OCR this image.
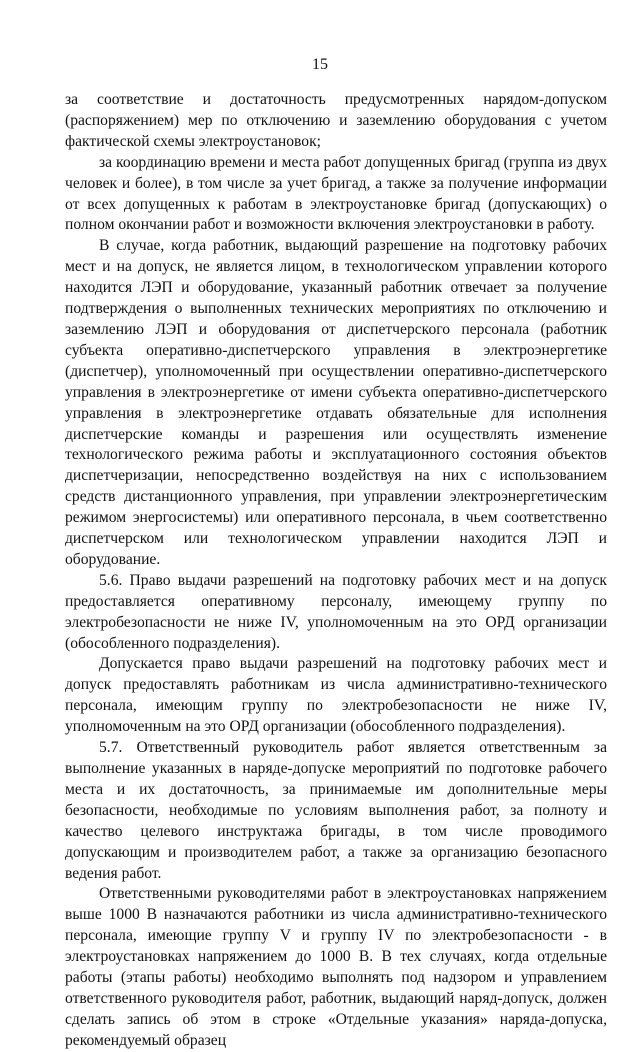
15

за соответствие и достаточность предусмотренных нарядом-допуском (распоряжением) мер по отключению и заземлению оборудования с учетом фактической схемы электроустановок;

за координацию времени и места работ допущенных бригад (группа из двух человек и более), в том числе за учет бригад, а также за получение информации от всех допущенных к работам в электроустановке бригад (допускающих) о полном окончании работ и возможности включения электроустановки в работу.

В случае, когда работник, выдающий разрешение на подготовку рабочих мест и на допуск, не является лицом, в технологическом управлении которого находится ЛЭП и оборудование, указанный работник отвечает за получение подтверждения о выполненных технических мероприятиях по отключению и заземлению ЛЭП и оборудования от диспетчерского персонала (работник субъекта оперативно-диспетчерского управления в электроэнергетике (диспетчер), уполномоченный при осуществлении оперативно-диспетчерского управления в электроэнергетике от имени субъекта оперативно-диспетчерского управления в электроэнергетике отдавать обязательные для исполнения диспетчерские команды и разрешения или осуществлять изменение технологического режима работы и эксплуатационного состояния объектов диспетчеризации, непосредственно воздействуя на них с использованием средств дистанционного управления, при управлении электроэнергетическим режимом энергосистемы) или оперативного персонала, в чьем соответственно диспетчерском или технологическом управлении находится ЛЭП и оборудование.

5.6. Право выдачи разрешений на подготовку рабочих мест и на допуск предоставляется оперативному персоналу, имеющему группу по электробезопасности не ниже IV, уполномоченным на это ОРД организации (обособленного подразделения).

Допускается право выдачи разрешений на подготовку рабочих мест и допуск предоставлять работникам из числа административно-технического персонала, имеющим группу по электробезопасности не ниже IV, уполномоченным на это ОРД организации (обособленного подразделения).

5.7. Ответственный руководитель работ является ответственным за выполнение указанных в наряде-допуске мероприятий по подготовке рабочего места и их достаточность, за принимаемые им дополнительные меры безопасности, необходимые по условиям выполнения работ, за полноту и качество целевого инструктажа бригады, в том числе проводимого допускающим и производителем работ, а также за организацию безопасного ведения работ.

Ответственными руководителями работ в электроустановках напряжением выше 1000 В назначаются работники из числа административно-технического персонала, имеющие группу V и группу IV по электробезопасности - в электроустановках напряжением до 1000 В. В тех случаях, когда отдельные работы (этапы работы) необходимо выполнять под надзором и управлением ответственного руководителя работ, работник, выдающий наряд-допуск, должен сделать запись об этом в строке «Отдельные указания» наряда-допуска, рекомендуемый образец
